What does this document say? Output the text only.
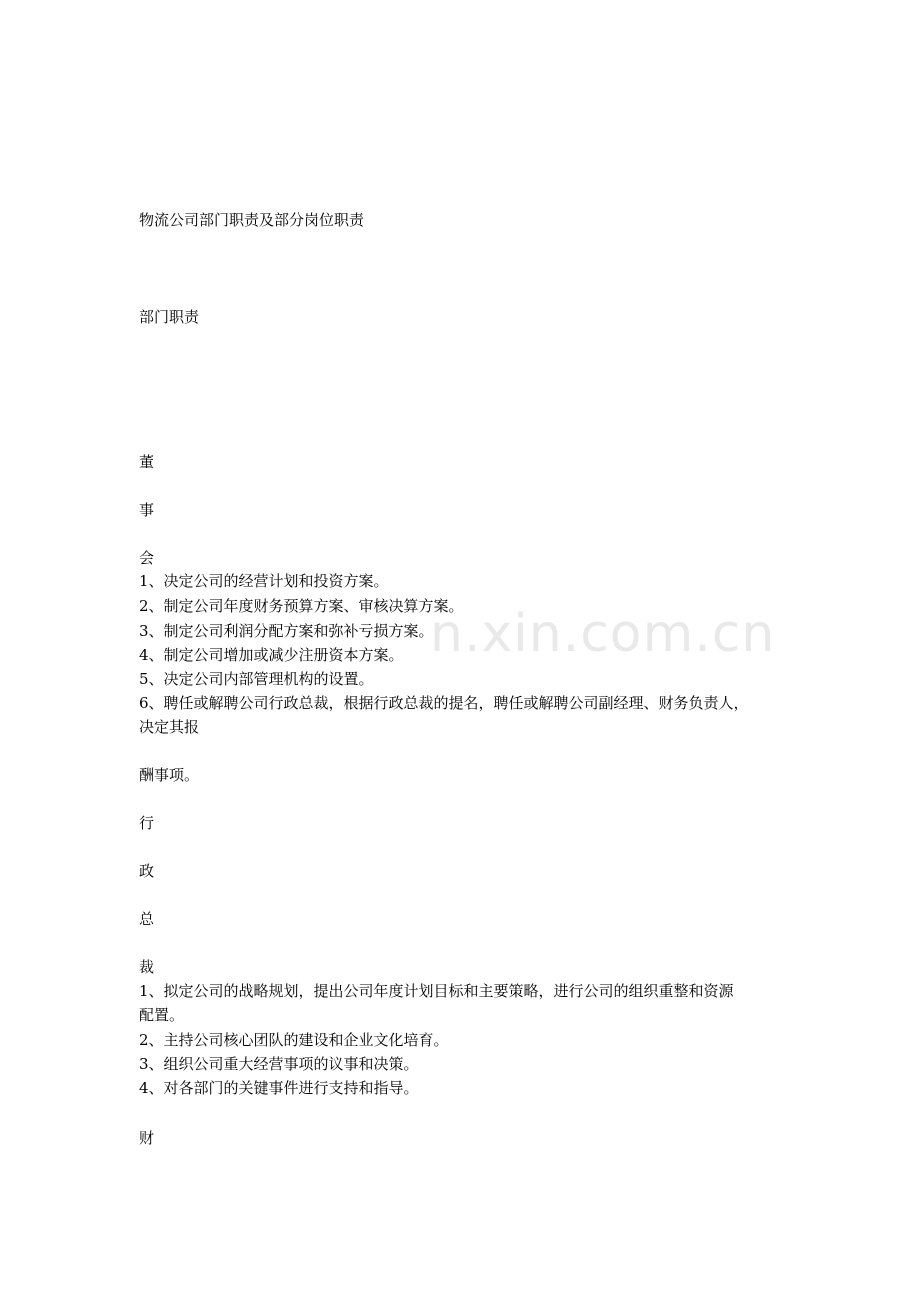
物流公司部门职责及部分岗位职责
部门职责
董
事
会
1、决定公司的经营计划和投资方案。
2、制定公司年度财务预算方案、审核决算方案。
3、制定公司利润分配方案和弥补亏损方案。
4、制定公司增加或减少注册资本方案。
5、决定公司内部管理机构的设置。
6、聘任或解聘公司行政总裁，根据行政总裁的提名，聘任或解聘公司副经理、财务负责人，
决定其报
酬事项。
行
政
总
裁
1、拟定公司的战略规划，提出公司年度计划目标和主要策略，进行公司的组织重整和资源
配置。
2、主持公司核心团队的建设和企业文化培育。
3、组织公司重大经营事项的议事和决策。
4、对各部门的关键事件进行支持和指导。
财
n.xin.com.cn
